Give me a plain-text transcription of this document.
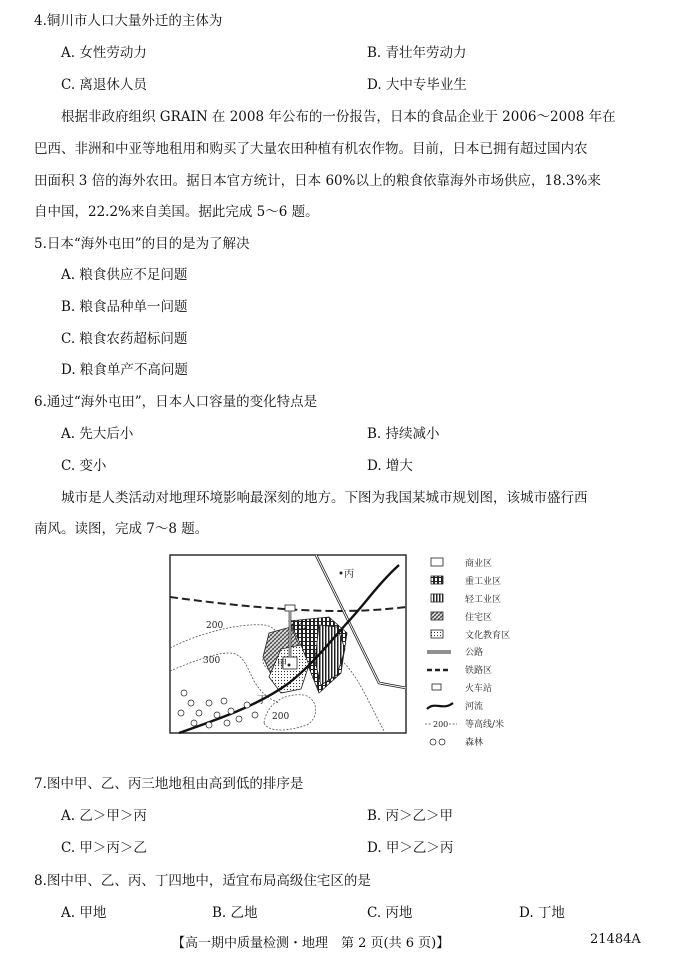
4.铜川市人口大量外迁的主体为
A. 女性劳动力	B. 青壮年劳动力
C. 离退休人员	D. 大中专毕业生
根据非政府组织 GRAIN 在 2008 年公布的一份报告，日本的食品企业于 2006～2008 年在
巴西、非洲和中亚等地租用和购买了大量农田种植有机农作物。目前，日本已拥有超过国内农
田面积 3 倍的海外农田。据日本官方统计，日本 60%以上的粮食依靠海外市场供应，18.3%来
自中国，22.2%来自美国。据此完成 5～6 题。
5.日本“海外屯田”的目的是为了解决
A. 粮食供应不足问题
B. 粮食品种单一问题
C. 粮食农药超标问题
D. 粮食单产不高问题
6.通过“海外屯田”，日本人口容量的变化特点是
A. 先大后小	B. 持续减小
C. 变小	D. 增大
城市是人类活动对地理环境影响最深刻的地方。下图为我国某城市规划图，该城市盛行西
南风。读图，完成 7～8 题。
200
300
200
丙
乙
甲
丁
商业区
重工业区
轻工业区
住宅区
文化教育区
公路
铁路区
火车站
河流
200 等高线/米
森林
7.图中甲、乙、丙三地地租由高到低的排序是
A. 乙＞甲＞丙	B. 丙＞乙＞甲
C. 甲＞丙＞乙	D. 甲＞乙＞丙
8.图中甲、乙、丙、丁四地中，适宜布局高级住宅区的是
A. 甲地	B. 乙地	C. 丙地	D. 丁地
【高一期中质量检测・地理　第 2 页(共 6 页)】	21484A
